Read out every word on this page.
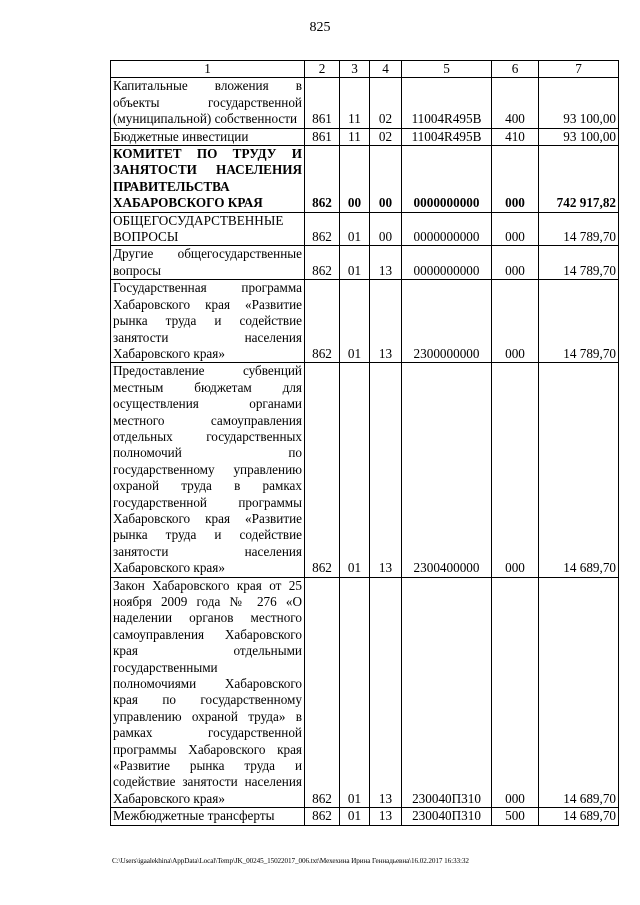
825
1	2	3	4	5	6	7
Капитальные вложения в объекты государственной (муниципальной) собственности	861	11	02	11004R495B	400	93 100,00
Бюджетные инвестиции	861	11	02	11004R495B	410	93 100,00
КОМИТЕТ ПО ТРУДУ И ЗАНЯТОСТИ НАСЕЛЕНИЯ ПРАВИТЕЛЬСТВА ХАБАРОВСКОГО КРАЯ	862	00	00	0000000000	000	742 917,82
ОБЩЕГОСУДАРСТВЕННЫЕ ВОПРОСЫ	862	01	00	0000000000	000	14 789,70
Другие общегосударственные вопросы	862	01	13	0000000000	000	14 789,70
Государственная программа Хабаровского края «Развитие рынка труда и содействие занятости населения Хабаровского края»	862	01	13	2300000000	000	14 789,70
Предоставление субвенций местным бюджетам для осуществления органами местного самоуправления отдельных государственных полномочий по государственному управлению охраной труда в рамках государственной программы Хабаровского края «Развитие рынка труда и содействие занятости населения Хабаровского края»	862	01	13	2300400000	000	14 689,70
Закон Хабаровского края от 25 ноября 2009 года № 276 «О наделении органов местного самоуправления Хабаровского края отдельными государственными полномочиями Хабаровского края по государственному управлению охраной труда» в рамках государственной программы Хабаровского края «Развитие рынка труда и содействие занятости населения Хабаровского края»	862	01	13	230040П310	000	14 689,70
Межбюджетные трансферты	862	01	13	230040П310	500	14 689,70
C:\Users\igaalekhina\AppData\Local\Temp\JK_00245_15022017_006.txt\Мехехина Ирина Геннадьевна\16.02.2017 16:33:32
